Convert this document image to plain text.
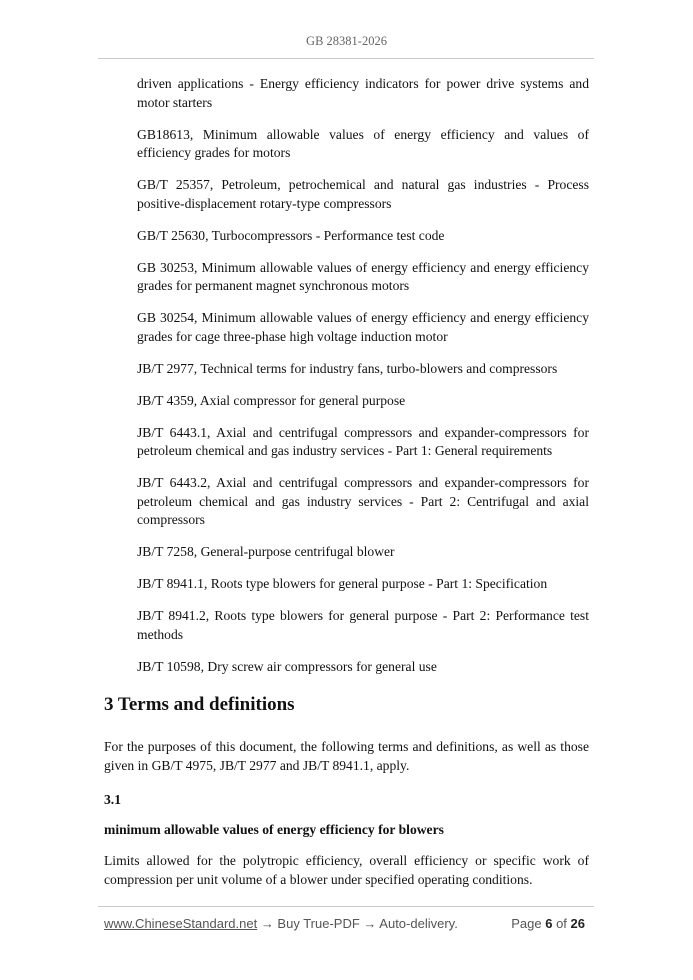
GB 28381-2026

driven applications - Energy efficiency indicators for power drive systems and motor starters

GB18613, Minimum allowable values of energy efficiency and values of efficiency grades for motors

GB/T 25357, Petroleum, petrochemical and natural gas industries - Process positive-displacement rotary-type compressors

GB/T 25630, Turbocompressors - Performance test code

GB 30253, Minimum allowable values of energy efficiency and energy efficiency grades for permanent magnet synchronous motors

GB 30254, Minimum allowable values of energy efficiency and energy efficiency grades for cage three-phase high voltage induction motor

JB/T 2977, Technical terms for industry fans, turbo-blowers and compressors

JB/T 4359, Axial compressor for general purpose

JB/T 6443.1, Axial and centrifugal compressors and expander-compressors for petroleum chemical and gas industry services - Part 1: General requirements

JB/T 6443.2, Axial and centrifugal compressors and expander-compressors for petroleum chemical and gas industry services - Part 2: Centrifugal and axial compressors

JB/T 7258, General-purpose centrifugal blower

JB/T 8941.1, Roots type blowers for general purpose - Part 1: Specification

JB/T 8941.2, Roots type blowers for general purpose - Part 2: Performance test methods

JB/T 10598, Dry screw air compressors for general use

3 Terms and definitions

For the purposes of this document, the following terms and definitions, as well as those given in GB/T 4975, JB/T 2977 and JB/T 8941.1, apply.

3.1
minimum allowable values of energy efficiency for blowers

Limits allowed for the polytropic efficiency, overall efficiency or specific work of compression per unit volume of a blower under specified operating conditions.

www.ChineseStandard.net → Buy True-PDF → Auto-delivery.	Page 6 of 26
